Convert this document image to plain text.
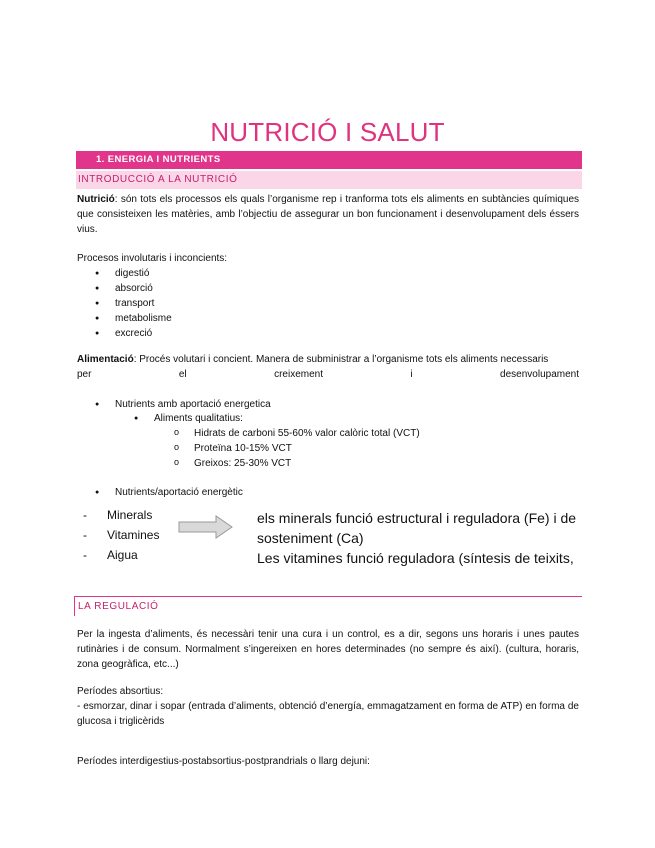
NUTRICIÓ I SALUT
1. ENERGIA I NUTRIENTS
INTRODUCCIÓ A LA NUTRICIÓ
Nutrició: són tots els processos els quals l’organisme rep i tranforma tots els aliments en subtàncies químiques que consisteixen les matèries, amb l’objectiu de assegurar un bon funcionament i desenvolupament dels éssers vius.
Procesos involutaris i inconcients:
● digestió
● absorció
● transport
● metabolisme
● excreció
Alimentació: Procés volutari i concient. Manera de subministrar a l’organisme tots els aliments necessaris
per el creixement i desenvolupament
● Nutrients amb aportació energetica
● Aliments qualitatius:
o Hidrats de carboni 55-60% valor calòric total (VCT)
o Proteïna 10-15% VCT
o Greixos: 25-30% VCT
● Nutrients/aportació energètic
- Minerals
- Vitamines
- Aigua
els minerals funció estructural i reguladora (Fe) i de
sosteniment (Ca)
Les vitamines funció reguladora (síntesis de teixits,
LA REGULACIÓ
Per la ingesta d’aliments, és necessàri tenir una cura i un control, es a dir, segons uns horaris i unes pautes rutinàries i de consum. Normalment s’ingereixen en hores determinades (no sempre és així). (cultura, horaris, zona geogràfica, etc...)
Períodes absortius:
- esmorzar, dinar i sopar (entrada d’aliments, obtenció d’energía, emmagatzament en forma de ATP) en forma de glucosa i triglicèrids
Períodes interdigestius-postabsortius-postprandrials o llarg dejuni:
